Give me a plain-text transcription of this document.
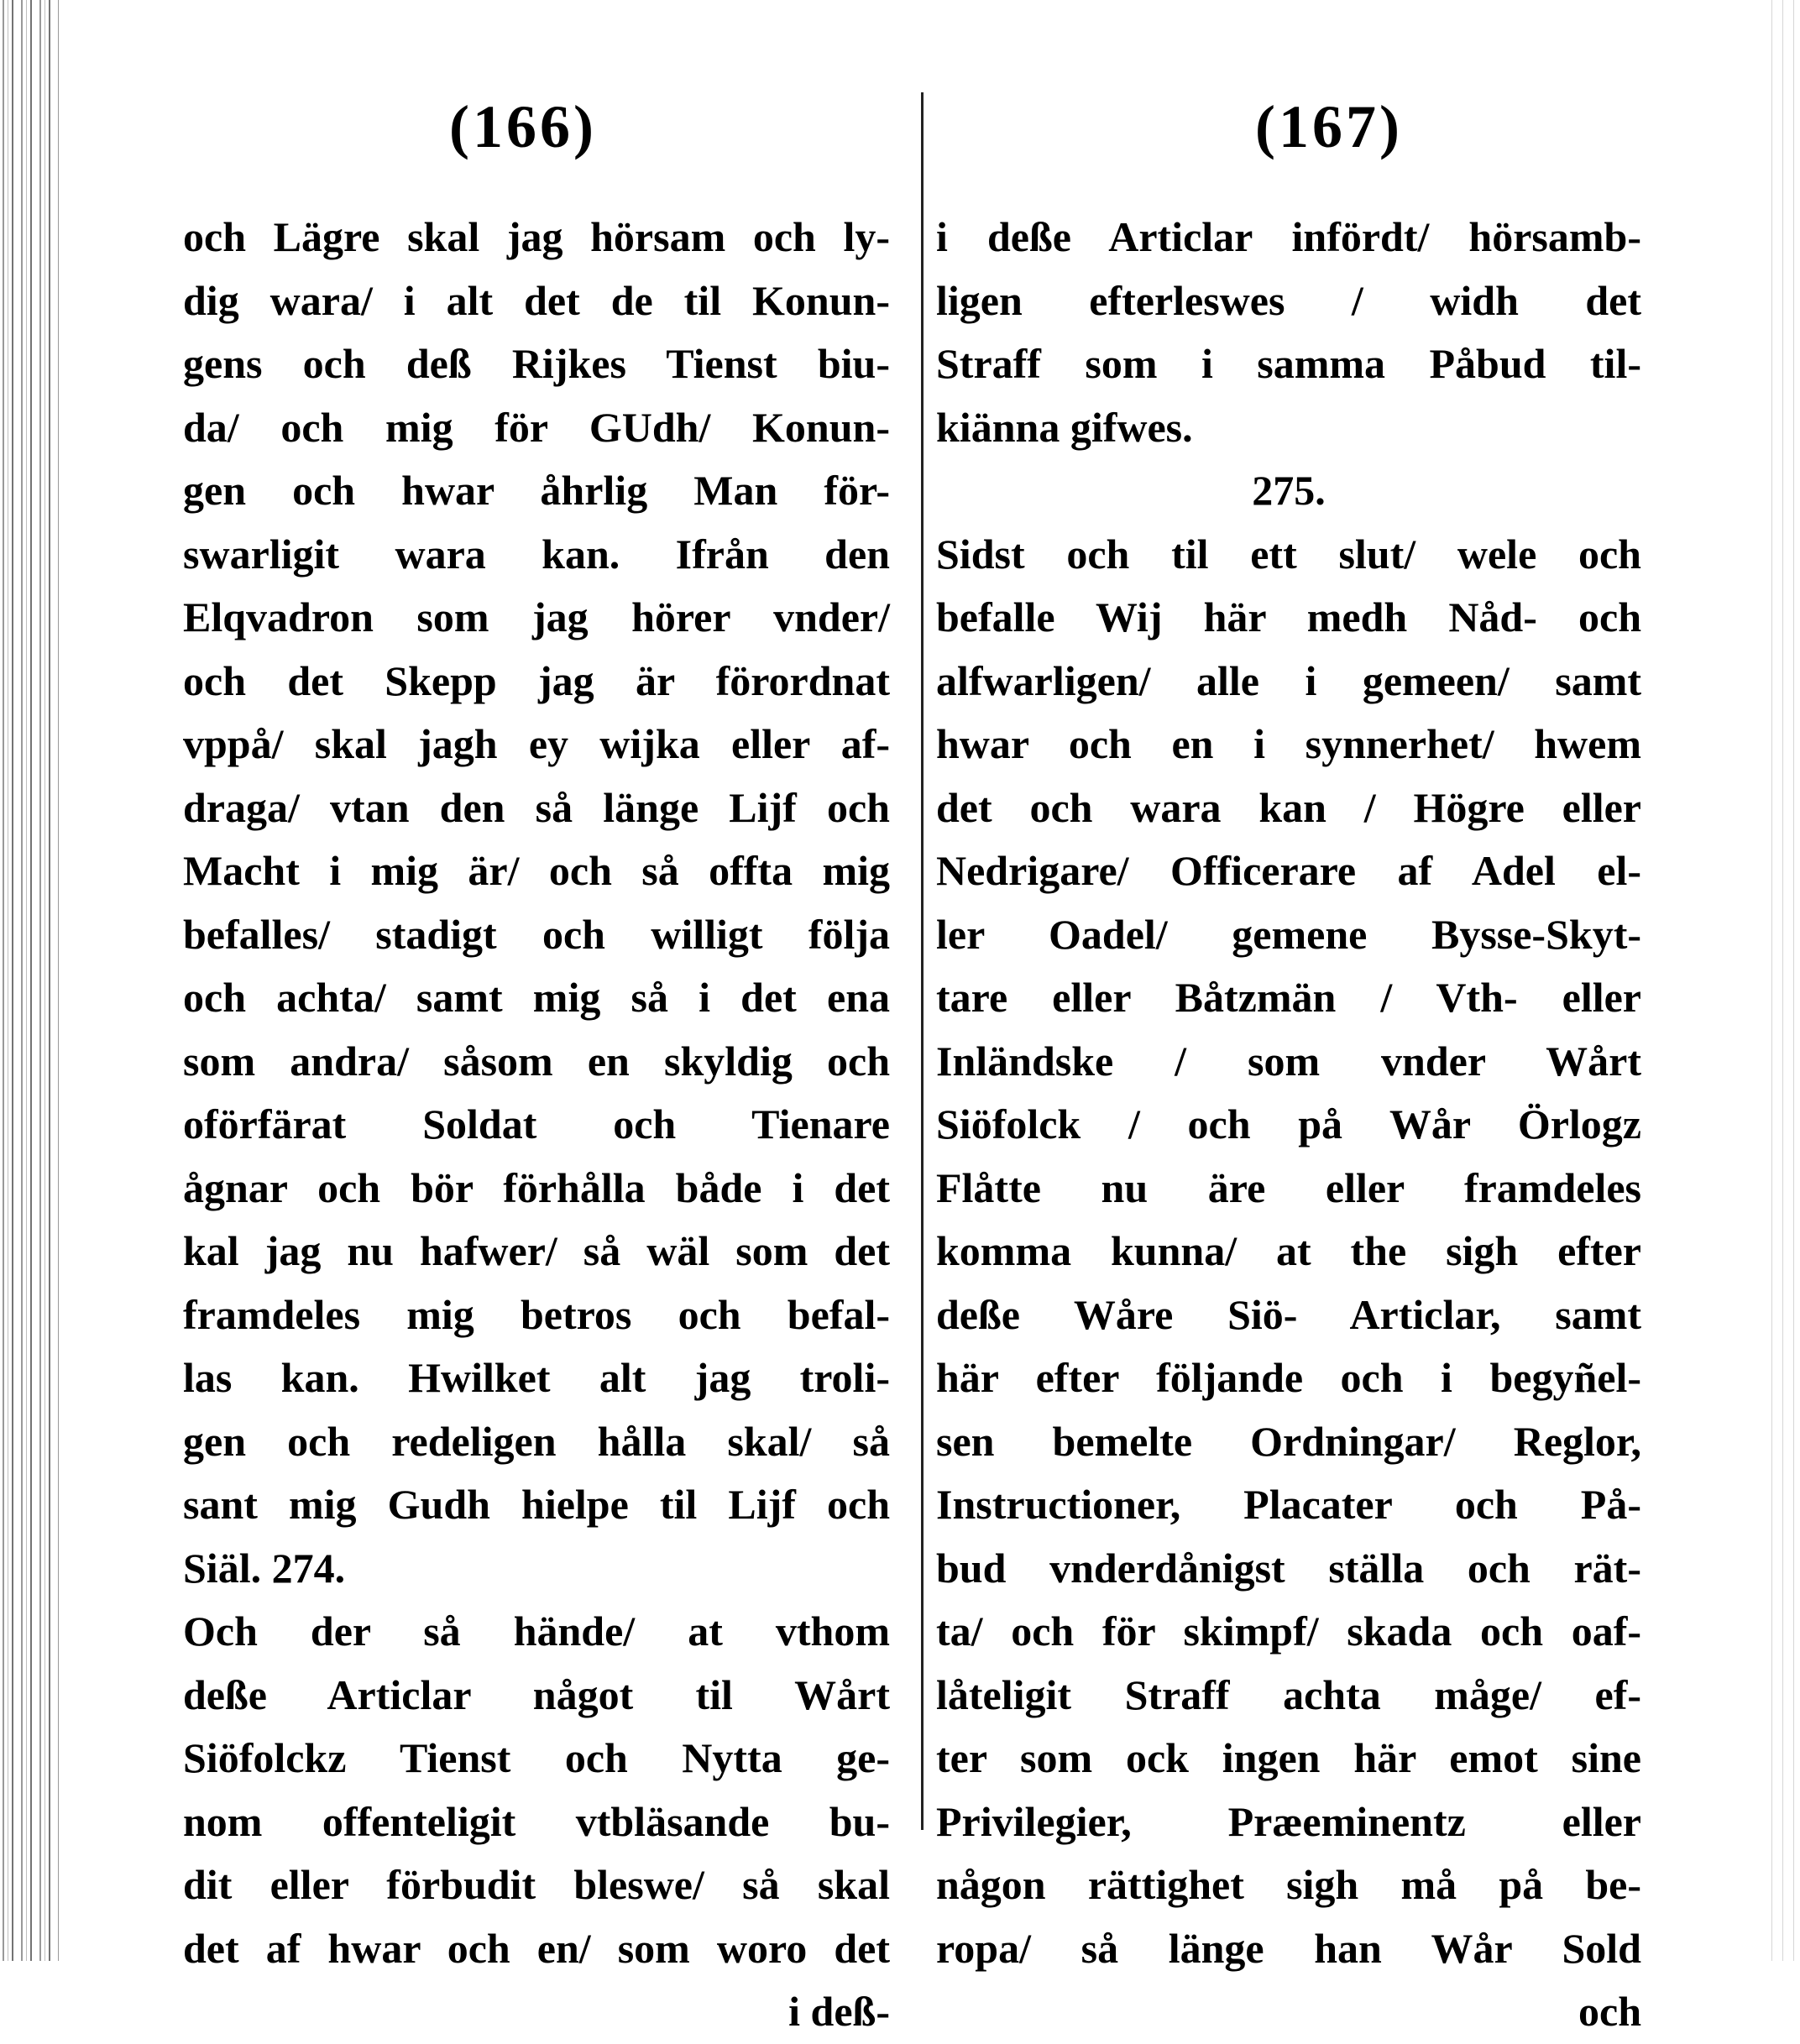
(166)	(167)
och Lägre skal jag hörsam och ly-
dig wara/ i alt det de til Konun-
gens och deß Rijkes Tienst biu-
da/ och mig för GUdh/ Konun-
gen och hwar åhrlig Man för-
swarligit wara kan. Ifrån den
Elqvadron som jag hörer vnder/
och det Skepp jag är förordnat
vppå/ skal jagh ey wijka eller af-
draga/ vtan den så länge Lijf och
Macht i mig är/ och så offta mig
befalles/ stadigt och willigt följa
och achta/ samt mig så i det ena
som andra/ såsom en skyldig och
oförfärat Soldat och Tienare
ågnar och bör förhålla både i det
kal jag nu hafwer/ så wäl som det
framdeles mig betros och befal-
las kan. Hwilket alt jag troli-
gen och redeligen hålla skal/ så
sant mig Gudh hielpe til Lijf och
Siäl. 274.
Och der så hände/ at vthom
deße Articlar något til Wårt
Siöfolckz Tienst och Nytta ge-
nom offenteligit vtbläsande bu-
dit eller förbudit bleswe/ så skal
det af hwar och en/ som woro det
i deß-
i deße Articlar infördt/ hörsamb-
ligen efterleswes / widh det
Straff som i samma Påbud til-
kiänna gifwes.
275.
Sidst och til ett slut/ wele och
befalle Wij här medh Nåd- och
alfwarligen/ alle i gemeen/ samt
hwar och en i synnerhet/ hwem
det och wara kan / Högre eller
Nedrigare/ Officerare af Adel el-
ler Oadel/ gemene Bysse-Skyt-
tare eller Båtzmän / Vth- eller
Inländske / som vnder Wårt
Siöfolck / och på Wår Örlogz
Flåtte nu äre eller framdeles
komma kunna/ at the sigh efter
deße Wåre Siö- Articlar, samt
här efter följande och i begyñel-
sen bemelte Ordningar/ Reglor,
Instructioner, Placater och På-
bud vnderdånigst ställa och rät-
ta/ och för skimpf/ skada och oaf-
låteligit Straff achta måge/ ef-
ter som ock ingen här emot sine
Privilegier, Præeminentz eller
någon rättighet sigh må på be-
ropa/ så länge han Wår Sold
och
